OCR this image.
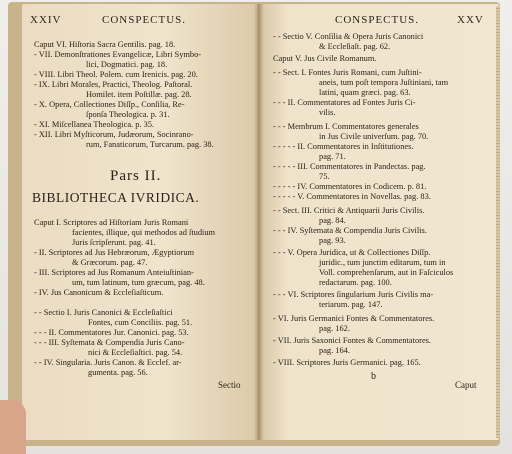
XXIV	CONSPECTUS.
Caput VI. Hiſtoria Sacra Gentilis. pag. 18.
- VII. Demonſtrationes Evangelicæ, Libri Symbo-
lici, Dogmatici. pag. 18.
- VIII. Libri Theol. Polem. cum Irenicis. pag. 20.
- IX. Libri Morales, Practici, Theolog. Paſtoral.
Homilet. item Poſtillæ. pag. 28.
- X. Opera, Collectiones Diſſp., Conſilia, Re-
ſponſa Theologica. p. 31.
- XI. Miſcellanea Theologica. p. 35.
- XII. Libri Myſticorum, Judæorum, Socinrano-
rum, Fanaticorum, Turcarum. pag. 38.
Pars II.
BIBLIOTHECA IVRIDICA.
Caput I. Scriptores ad Hiſtoriam Juris Romani
facientes, illique, qui methodos ad ſtudium
Juris ſcripſerunt. pag. 41.
- II. Scriptores ad Jus Hebræorum, Ægyptiorum
& Græcorum. pag. 47.
- III. Scriptores ad Jus Romanum Anteiuſtinian-
um, tum latinum, tum græcum, pag. 48.
- IV. Jus Canonicum & Eccleſiaſticum.
- - Sectio I. Juris Canonici & Eccleſiaſtici
Fontes, cum Conciliis. pag. 51.
- - - II. Commentatores Jur. Canonici. pag. 53.
- - - III. Syſtemata & Compendia Juris Cano-
nici & Eccleſiaſtici. pag. 54.
- - IV. Singularia. Juris Canon. & Ecclef. ar-
gumenta. pag. 56.
Sectio
CONSPECTUS.	XXV
- - Sectio V. Conſilia & Opera Juris Canonici
& Eccleſiaſt. pag. 62.
Caput V. Jus Civile Romanum.
- - Sect. I. Fontes Juris Romani, cum Juſtini-
aneis, tum poſt tempora Juſtiniani, tam
latini, quam græci. pag. 63.
- - - II. Commentatores ad Fontes Juris Ci-
vilis.
- - - Membrum I. Commentatores generales
in Jus Civile univerſum. pag. 70.
- - - - - II. Commentatores in Inſtitutiones.
pag. 71.
- - - - - III. Commentatores in Pandectas. pag.
75.
- - - - - IV. Commentatores in Codicem. p. 81.
- - - - - V. Commentatores in Novellas. pag. 83.
- - Sect. III. Critici & Antiquarii Juris Civilis.
pag. 84.
- - - IV. Syſtemata & Compendia Juris Civilis.
pag. 93.
- - - V. Opera Juridica, ut & Collectiones Diſſp.
juridic., tum junctim editarum, tum in
Voll. comprehenſarum, aut in Faſciculos
redactarum. pag. 100.
- - - VI. Scriptores ſingularium Juris Civilis ma-
teriarum. pag. 147.
- VI. Juris Germanici Fontes & Commentatores.
pag. 162.
- VII. Juris Saxonici Fontes & Commentatores.
pag. 164.
- VIII. Scriptores Juris Germanici. pag. 165.
b
Caput
